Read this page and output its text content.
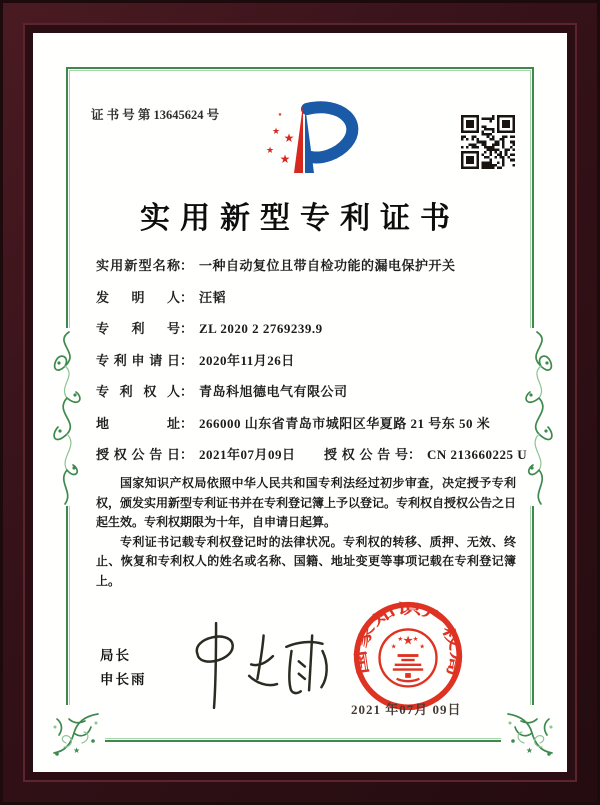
★	★
证 书 号 第 13645624 号	★
★ ★
★
★
实用新型专利证书
实用新型名称： 一种自动复位且带自检功能的漏电保护开关
发明人： 汪韬
专利号： ZL 2020 2 2769239.9
专利申请日： 2020年11月26日
专利权人： 青岛科旭德电气有限公司
地址： 266000 山东省青岛市城阳区华夏路 21 号东 50 米
授权公告日： 2021年07月09日 授权公告号： CN 213660225 U

国家知识产权局依照中华人民共和国专利法经过初步审查，决定授予专利权，颁发实用新型专利证书并在专利登记簿上予以登记。专利权自授权公告之日起生效。专利权期限为十年，自申请日起算。

专利证书记载专利权登记时的法律状况。专利权的转移、质押、无效、终止、恢复和专利权人的姓名或名称、国籍、地址变更等事项记载在专利登记簿上。

局长
申长雨
国家知识产权局
★
★
★ ★
★
2021 年07月 09日
